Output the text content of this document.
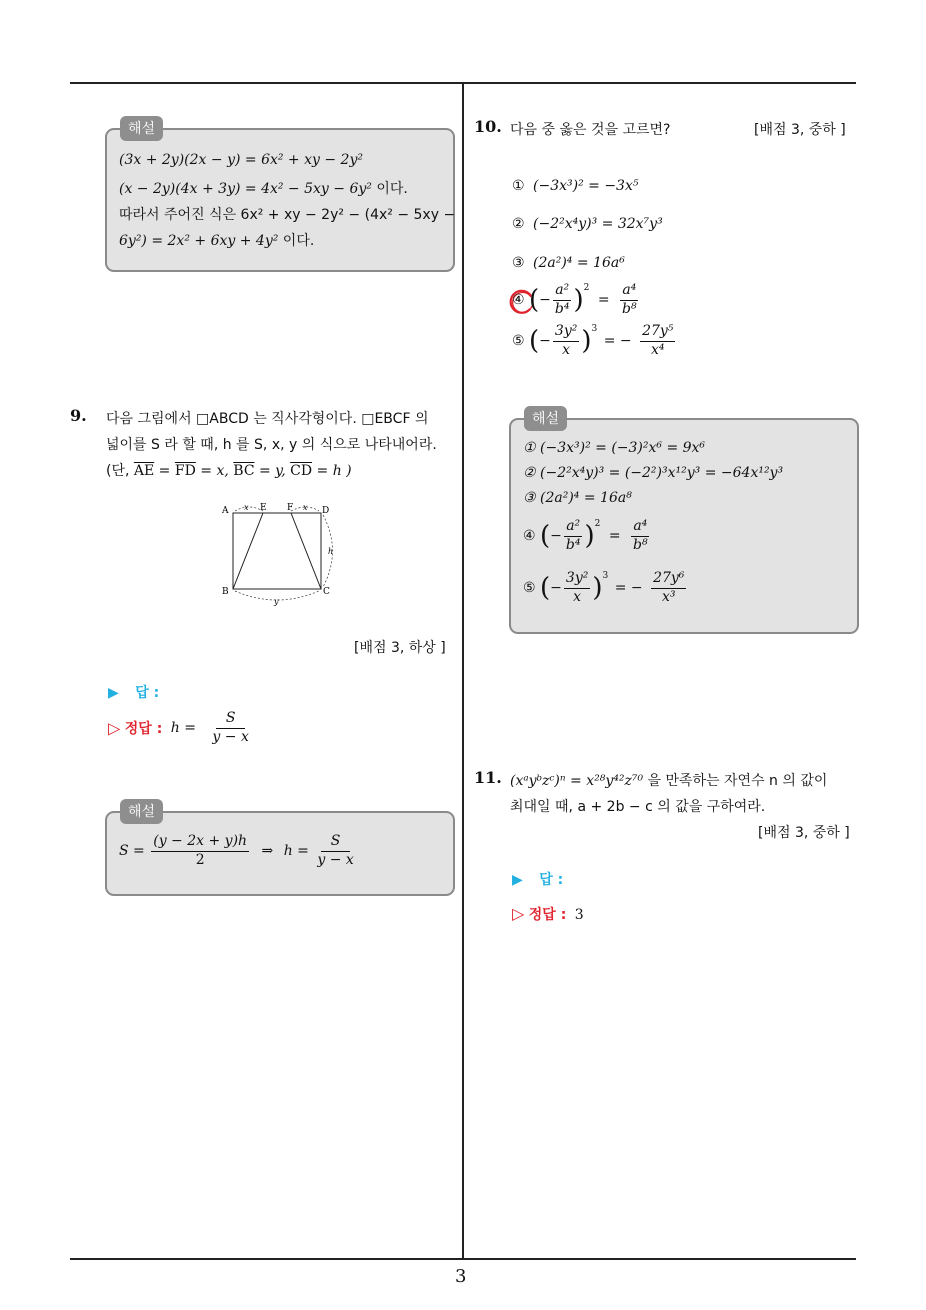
3
해설
(3x + 2y)(2x − y) = 6x² + xy − 2y²
(x − 2y)(4x + 3y) = 4x² − 5xy − 6y² 이다.
따라서 주어진 식은 6x² + xy − 2y² − (4x² − 5xy −
6y²) = 2x² + 6xy + 4y² 이다.
9. 다음 그림에서 □ABCD 는 직사각형이다. □EBCF 의
넓이를 S 라 할 때, h 를 S, x, y 의 식으로 나타내어라.
(단, $\overline{AE} = \overline{FD} = x$, $\overline{BC} = y$, $\overline{CD} = h$ )
A	E F	D
B	C
x	x
h
y
[배점 3, 하상 ]
▶ 답 :
▷ 정답 : $h = \frac{S}{y - x}$
해설
$S = \frac{(y - 2x + y)h}{2}$ ⇒ $h = \frac{S}{y - x}$
10. 다음 중 옳은 것을 고르면?	[배점 3, 중하 ]
① (−3x³)² = −3x⁵
② (−2²x⁴y)³ = 32x⁷y³
③ (2a²)⁴ = 16a⁶
④ (− $\frac{\text{a²}}{\text{b⁴}} )^2 = \frac{\text{a⁴}}{\text{b⁸}}$
⑤ (− $\frac{\text{3y²}}{x} )^3$ = − $\frac{\text{27y⁵}}{\text{x⁴}}$
해설
① (−3x³)² = (−3)²x⁶ = 9x⁶
② (−2²x⁴y)³ = (−2²)³x¹²y³ = −64x¹²y³
③ (2a²)⁴ = 16a⁸
④ (− $\frac{\text{a²}}{\text{b⁴}} )^2 = \frac{\text{a⁴}}{\text{b⁸}}$
⑤ (− $\frac{\text{3y²}}{x} )^3$ = − $\frac{\text{27y⁶}}{\text{x³}}$
11. (xᵃyᵇzᶜ)ⁿ = x²⁸y⁴²z⁷⁰ 을 만족하는 자연수 n 의 값이
최대일 때, a + 2b − c 의 값을 구하여라.
[배점 3, 중하 ]
▶ 답 :
▷ 정답 : 3
